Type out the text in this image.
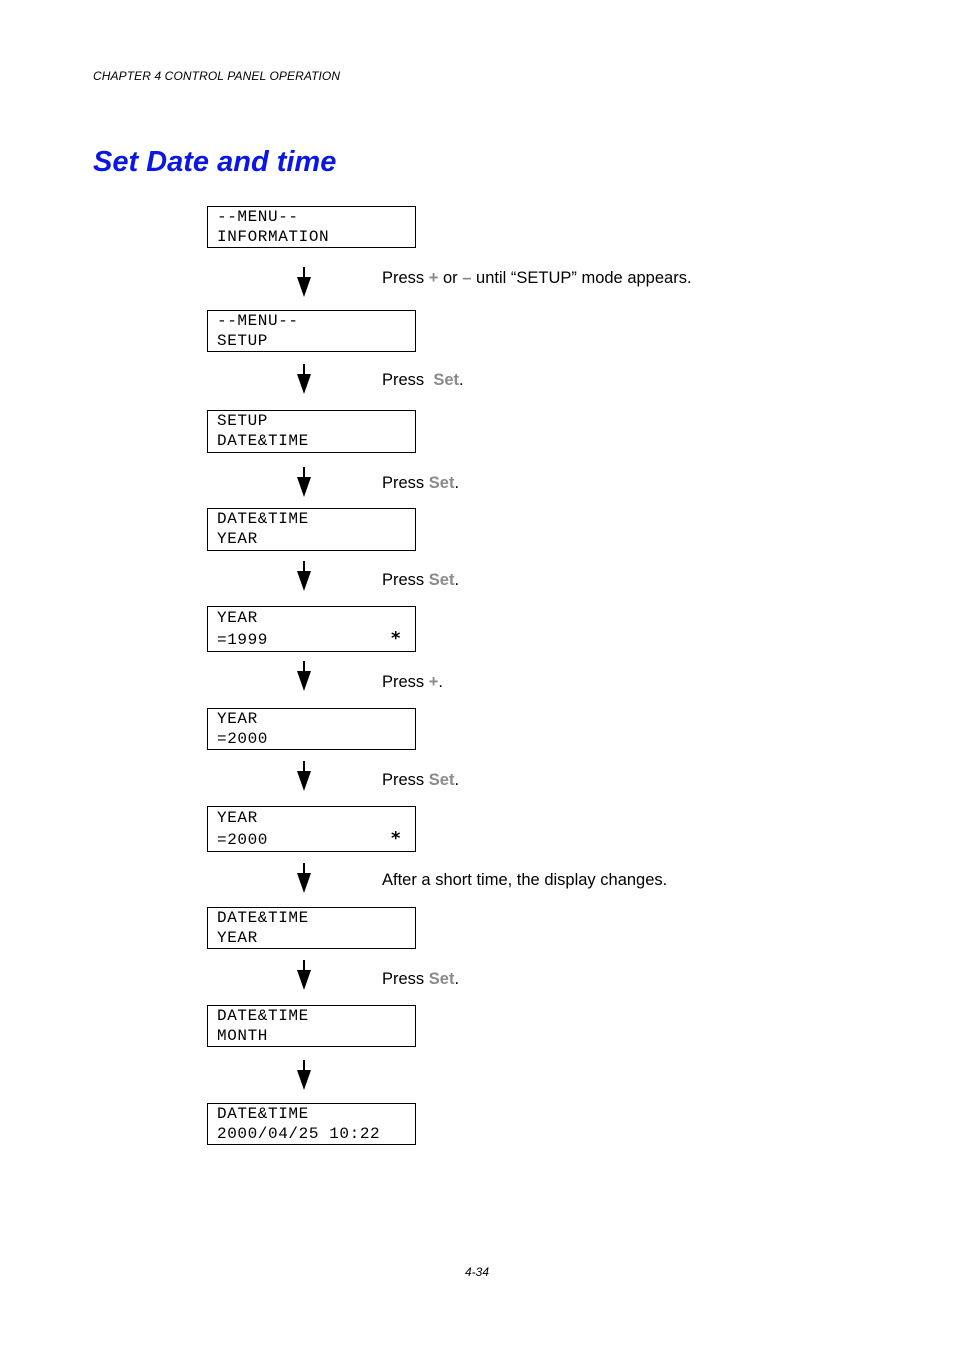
CHAPTER 4 CONTROL PANEL OPERATION
Set Date and time
--MENU--
INFORMATION
--MENU--
SETUP
SETUP
DATE&TIME
DATE&TIME
YEAR
YEAR
=1999	*
YEAR
=2000
YEAR
=2000	*
DATE&TIME
YEAR
DATE&TIME
MONTH
DATE&TIME
2000/04/25 10:22
Press + or – until “SETUP” mode appears.
Press  Set.
Press Set.
Press Set.
Press +.
Press Set.
After a short time, the display changes.
Press Set.
4-34
